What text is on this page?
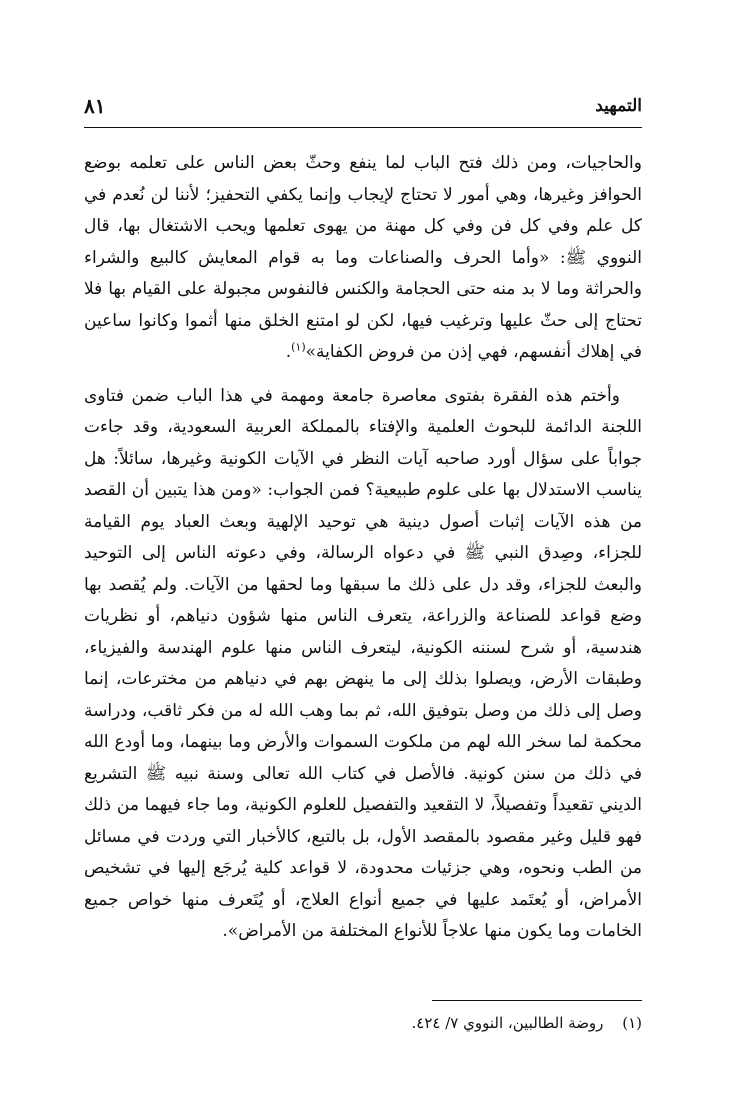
التمهيد
٨١

والحاجيات، ومن ذلك فتح الباب لما ينفع وحثّ بعض الناس على تعلمه بوضع الحوافز وغيرها، وهي أمور لا تحتاج لإيجاب وإنما يكفي التحفيز؛ لأننا لن نُعدم في كل علم وفي كل فن وفي كل مهنة من يهوى تعلمها ويحب الاشتغال بها، قال النووي ﷺ: «وأما الحرف والصناعات وما به قوام المعايش كالبيع والشراء والحراثة وما لا بد منه حتى الحجامة والكنس فالنفوس مجبولة على القيام بها فلا تحتاج إلى حثّ عليها وترغيب فيها، لكن لو امتنع الخلق منها أثموا وكانوا ساعين في إهلاك أنفسهم، فهي إذن من فروض الكفاية»$^{(١)}$.

وأختم هذه الفقرة بفتوى معاصرة جامعة ومهمة في هذا الباب ضمن فتاوى اللجنة الدائمة للبحوث العلمية والإفتاء بالمملكة العربية السعودية، وقد جاءت جواباً على سؤال أورد صاحبه آيات النظر في الآيات الكونية وغيرها، سائلاً: هل يناسب الاستدلال بها على علوم طبيعية؟ فمن الجواب: «ومن هذا يتبين أن القصد من هذه الآيات إثبات أصول دينية هي توحيد الإلهية وبعث العباد يوم القيامة للجزاء، وصِدق النبي ﷺ في دعواه الرسالة، وفي دعوته الناس إلى التوحيد والبعث للجزاء، وقد دل على ذلك ما سبقها وما لحقها من الآيات. ولم يُقصد بها وضع قواعد للصناعة والزراعة، يتعرف الناس منها شؤون دنياهم، أو نظريات هندسية، أو شرح لسننه الكونية، ليتعرف الناس منها علوم الهندسة والفيزياء، وطبقات الأرض، ويصلوا بذلك إلى ما ينهض بهم في دنياهم من مخترعات، إنما وصل إلى ذلك من وصل بتوفيق الله، ثم بما وهب الله له من فكر ثاقب، ودراسة محكمة لما سخر الله لهم من ملكوت السموات والأرض وما بينهما، وما أودع الله في ذلك من سنن كونية. فالأصل في كتاب الله تعالى وسنة نبيه ﷺ التشريع الديني تقعيداً وتفصيلاً، لا التقعيد والتفصيل للعلوم الكونية، وما جاء فيهما من ذلك فهو قليل وغير مقصود بالمقصد الأول، بل بالتبع، كالأخبار التي وردت في مسائل من الطب ونحوه، وهي جزئيات محدودة، لا قواعد كلية يُرجَع إليها في تشخيص الأمراض، أو يُعتَمد عليها في جميع أنواع العلاج، أو يُتَعرف منها خواص جميع الخامات وما يكون منها علاجاً للأنواع المختلفة من الأمراض».

(١) روضة الطالبين، النووي ٧/ ٤٢٤.
